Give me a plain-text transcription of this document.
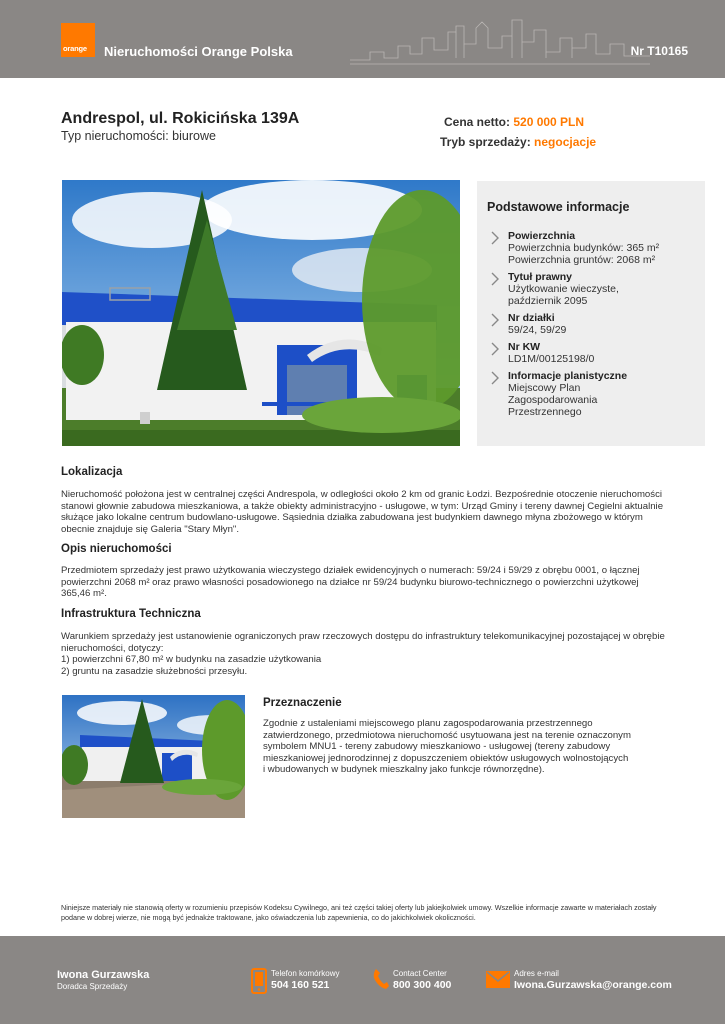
orange Nieruchomości Orange Polska	Nr T10165
Andrespol, ul. Rokicińska 139A
Typ nieruchomości: biurowe
Cena netto: 520 000 PLN
Tryb sprzedaży: negocjacje
Podstawowe informacje
Powierzchnia
Powierzchnia budynków: 365 m²
Powierzchnia gruntów: 2068 m²
Tytuł prawny
Użytkowanie wieczyste,
październik 2095
Nr działki
59/24, 59/29
Nr KW
LD1M/00125198/0
Informacje planistyczne
Miejscowy Plan
Zagospodarowania
Przestrzennego
Lokalizacja
Nieruchomość położona jest w centralnej części Andrespola, w odległości około 2 km od granic Łodzi. Bezpośrednie otoczenie nieruchomości stanowi głownie zabudowa mieszkaniowa, a także obiekty administracyjno - usługowe, w tym: Urząd Gminy i tereny dawnej Cegielni aktualnie służące jako lokalne centrum budowlano-usługowe. Sąsiednia działka zabudowana jest budynkiem dawnego młyna zbożowego w którym obecnie znajduje się Galeria "Stary Młyn".
Opis nieruchomości
Przedmiotem sprzedaży jest prawo użytkowania wieczystego działek ewidencyjnych o numerach: 59/24 i 59/29 z obrębu 0001, o łącznej powierzchni 2068 m² oraz prawo własności posadowionego na działce nr 59/24 budynku biurowo-technicznego o powierzchni użytkowej 365,46 m².
Infrastruktura Techniczna
Warunkiem sprzedaży jest ustanowienie ograniczonych praw rzeczowych dostępu do infrastruktury telekomunikacyjnej pozostającej w obrębie nieruchomości, dotyczy:
1) powierzchni 67,80 m² w budynku na zasadzie użytkowania
2) gruntu na zasadzie służebności przesyłu.
Przeznaczenie
Zgodnie z ustaleniami miejscowego planu zagospodarowania przestrzennego zatwierdzonego, przedmiotowa nieruchomość usytuowana jest na terenie oznaczonym symbolem MNU1 - tereny zabudowy mieszkaniowo - usługowej (tereny zabudowy mieszkaniowej jednorodzinnej z dopuszczeniem obiektów usługowych wolnostojących i wbudowanych w budynek mieszkalny jako funkcje równorzędne).
Niniejsze materiały nie stanowią oferty w rozumieniu przepisów Kodeksu Cywilnego, ani też części takiej oferty lub jakiejkolwiek umowy. Wszelkie informacje zawarte w materiałach zostały podane w dobrej wierze, nie mogą być jednakże traktowane, jako oświadczenia lub zapewnienia, co do jakichkolwiek okoliczności.
Iwona Gurzawska
Doradca Sprzedaży
Telefon komórkowy
504 160 521
Contact Center
800 300 400
Adres e-mail
Iwona.Gurzawska@orange.com
